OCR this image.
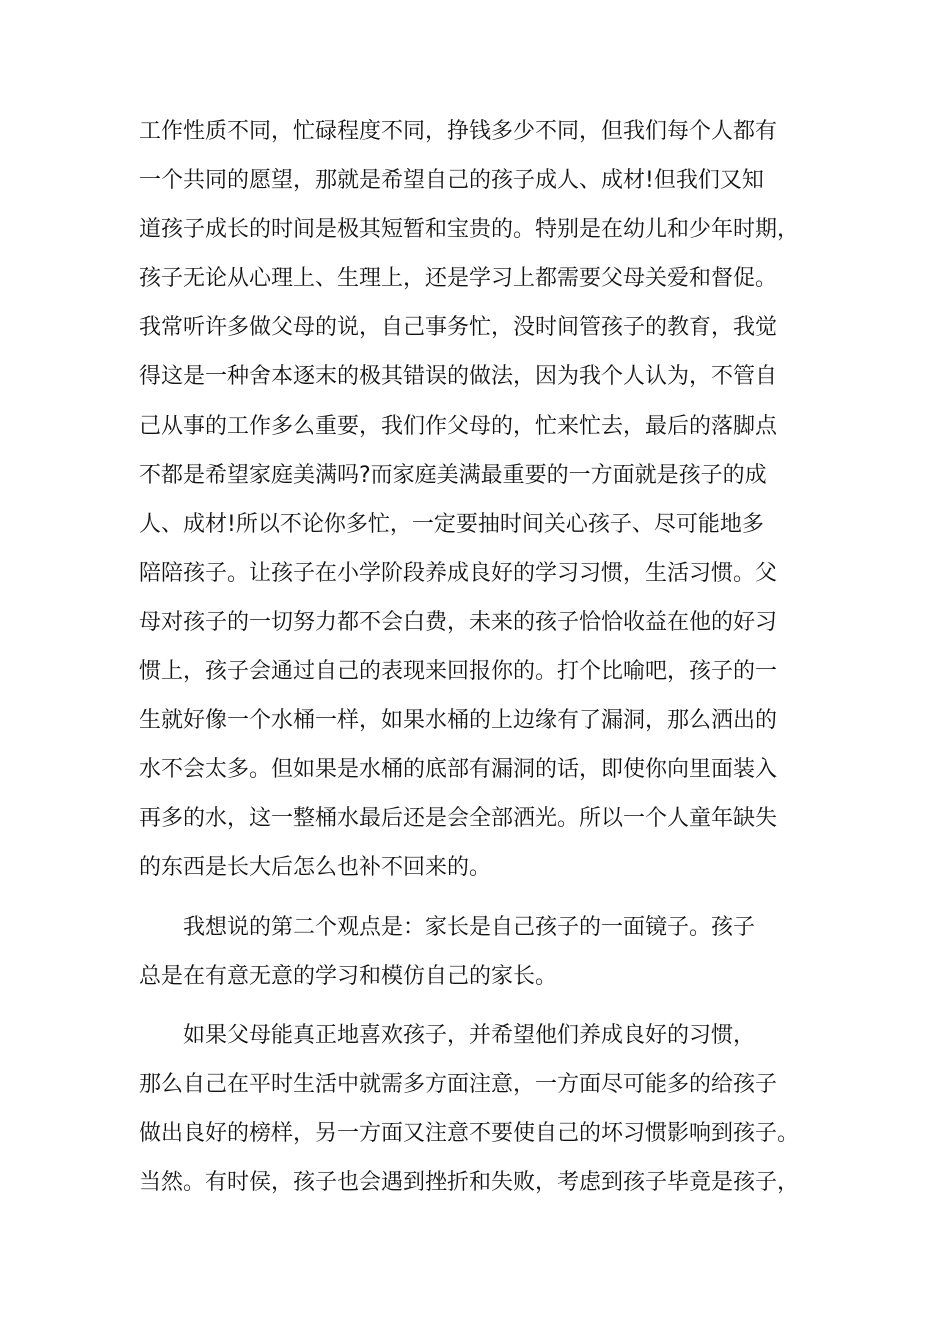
工作性质不同，忙碌程度不同，挣钱多少不同，但我们每个人都有
一个共同的愿望，那就是希望自己的孩子成人、成材!但我们又知
道孩子成长的时间是极其短暂和宝贵的。特别是在幼儿和少年时期，
孩子无论从心理上、生理上，还是学习上都需要父母关爱和督促。
我常听许多做父母的说，自己事务忙，没时间管孩子的教育，我觉
得这是一种舍本逐末的极其错误的做法，因为我个人认为，不管自
己从事的工作多么重要，我们作父母的，忙来忙去，最后的落脚点
不都是希望家庭美满吗?而家庭美满最重要的一方面就是孩子的成
人、成材!所以不论你多忙，一定要抽时间关心孩子、尽可能地多
陪陪孩子。让孩子在小学阶段养成良好的学习习惯，生活习惯。父
母对孩子的一切努力都不会白费，未来的孩子恰恰收益在他的好习
惯上，孩子会通过自己的表现来回报你的。打个比喻吧，孩子的一
生就好像一个水桶一样，如果水桶的上边缘有了漏洞，那么洒出的
水不会太多。但如果是水桶的底部有漏洞的话，即使你向里面装入
再多的水，这一整桶水最后还是会全部洒光。所以一个人童年缺失
的东西是长大后怎么也补不回来的。
　　我想说的第二个观点是：家长是自己孩子的一面镜子。孩子
总是在有意无意的学习和模仿自己的家长。
　　如果父母能真正地喜欢孩子，并希望他们养成良好的习惯，
那么自己在平时生活中就需多方面注意，一方面尽可能多的给孩子
做出良好的榜样，另一方面又注意不要使自己的坏习惯影响到孩子。
当然。有时侯，孩子也会遇到挫折和失败，考虑到孩子毕竟是孩子，
